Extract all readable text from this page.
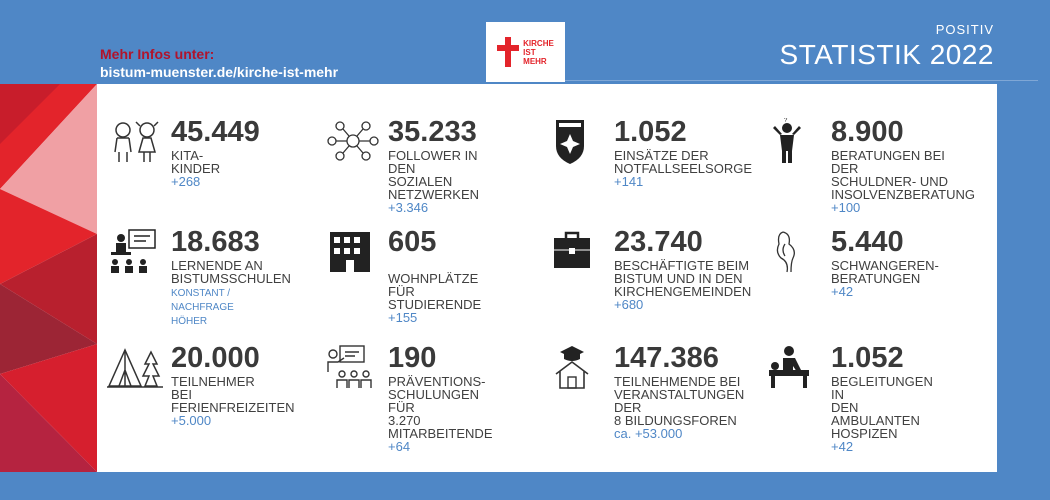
Mehr Infos unter:
bistum-muenster.de/kirche-ist-mehr
KIRCHE
IST
MEHR
POSITIV
STATISTIK 2022
45.449
KITA-KINDER
+268
35.233
FOLLOWER IN DEN
SOZIALEN
NETZWERKEN
+3.346
1.052
EINSÄTZE DER
NOTFALLSEELSORGE
+141
? 8.900
BERATUNGEN BEI DER
SCHULDNER- UND
INSOLVENZBERATUNG
+100
18.683
LERNENDE AN
BISTUMSSCHULEN
KONSTANT / NACHFRAGE
HÖHER
605
WOHNPLÄTZE FÜR
STUDIERENDE
+155
23.740
BESCHÄFTIGTE BEIM
BISTUM UND IN DEN
KIRCHENGEMEINDEN
+680
5.440
SCHWANGEREN-
BERATUNGEN
+42
20.000
TEILNEHMER
BEI
FERIENFREIZEITEN
+5.000
190
PRÄVENTIONS-
SCHULUNGEN FÜR
3.270
MITARBEITENDE
+64
147.386
TEILNEHMENDE BEI
VERANSTALTUNGEN
DER
8 BILDUNGSFOREN
ca. +53.000
1.052
BEGLEITUNGEN IN
DEN AMBULANTEN
HOSPIZEN
+42
